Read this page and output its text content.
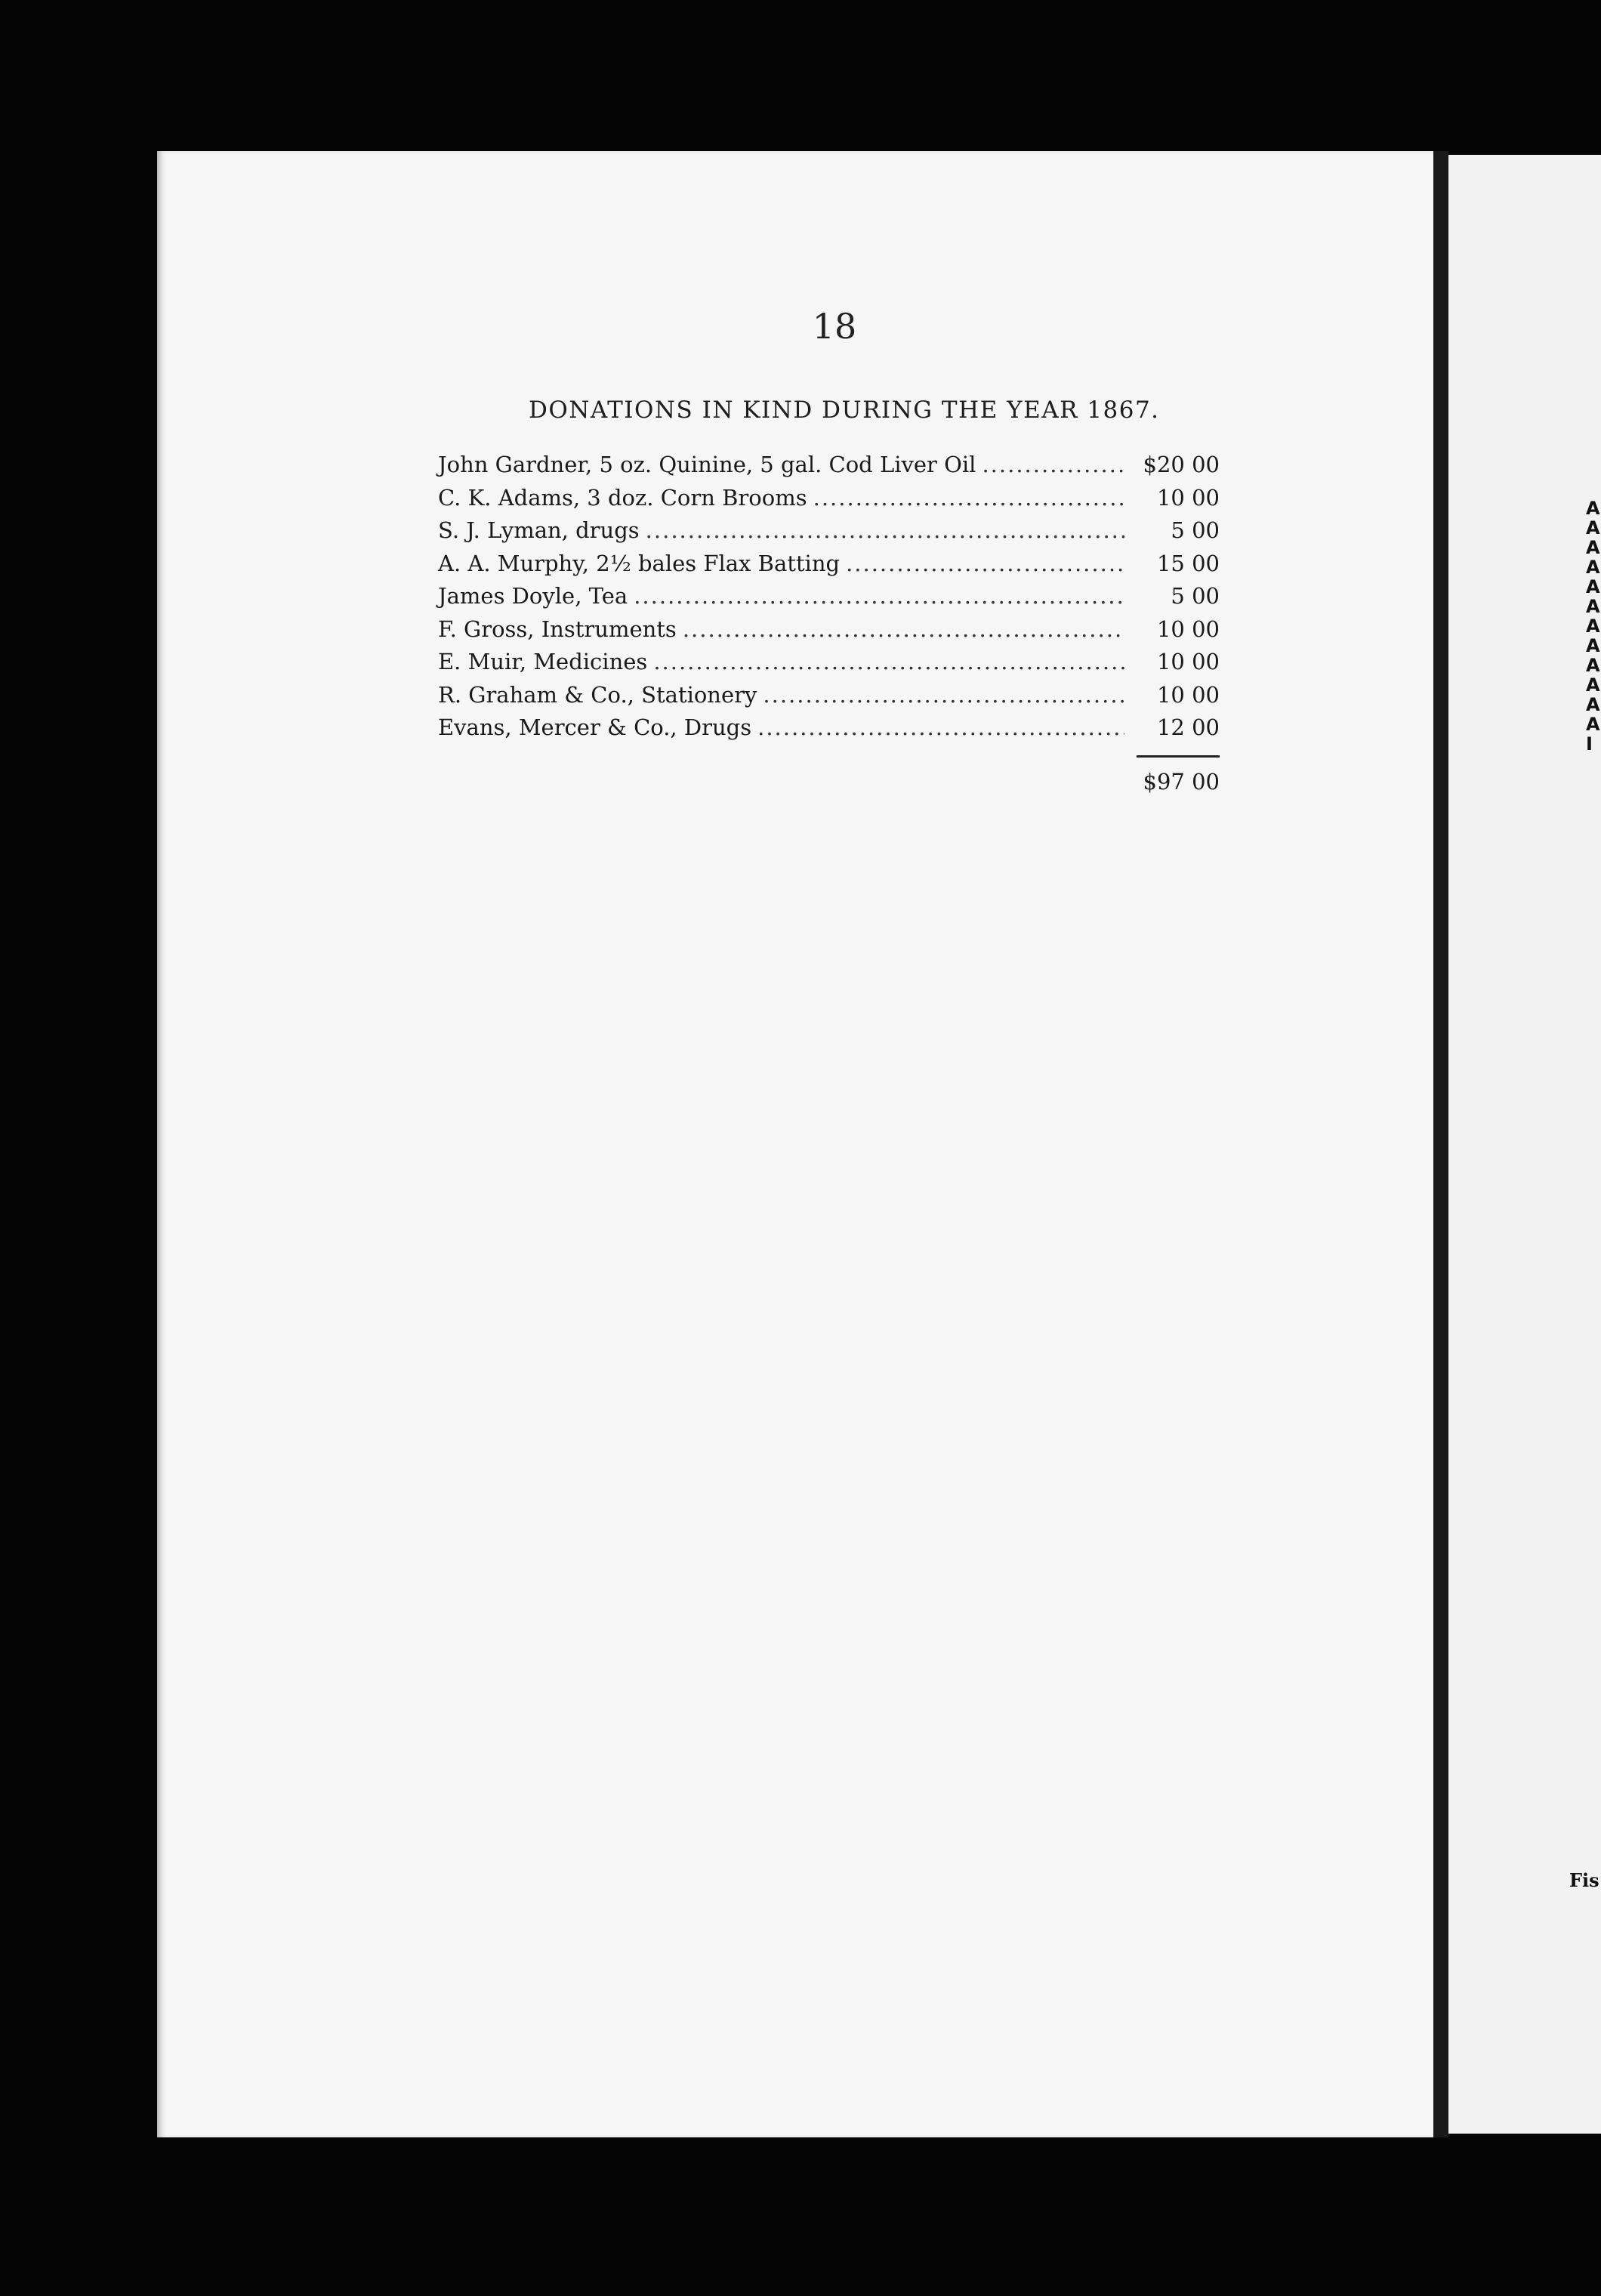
18
DONATIONS IN KIND DURING THE YEAR 1867.
John Gardner, 5 oz. Quinine, 5 gal. Cod Liver Oil .....	$20 00
C. K. Adams, 3 doz. Corn Brooms .....	10 00
S. J. Lyman, drugs .....	5 00
A. A. Murphy, 2½ bales Flax Batting .....	15 00
James Doyle, Tea .....	5 00
F. Gross, Instruments .....	10 00
E. Muir, Medicines .....	10 00
R. Graham & Co., Stationery .....	10 00
Evans, Mercer & Co., Drugs .....	12 00
$97 00
A
A
A
A
A
A
A
A
A
A
A
A
I
Fis
